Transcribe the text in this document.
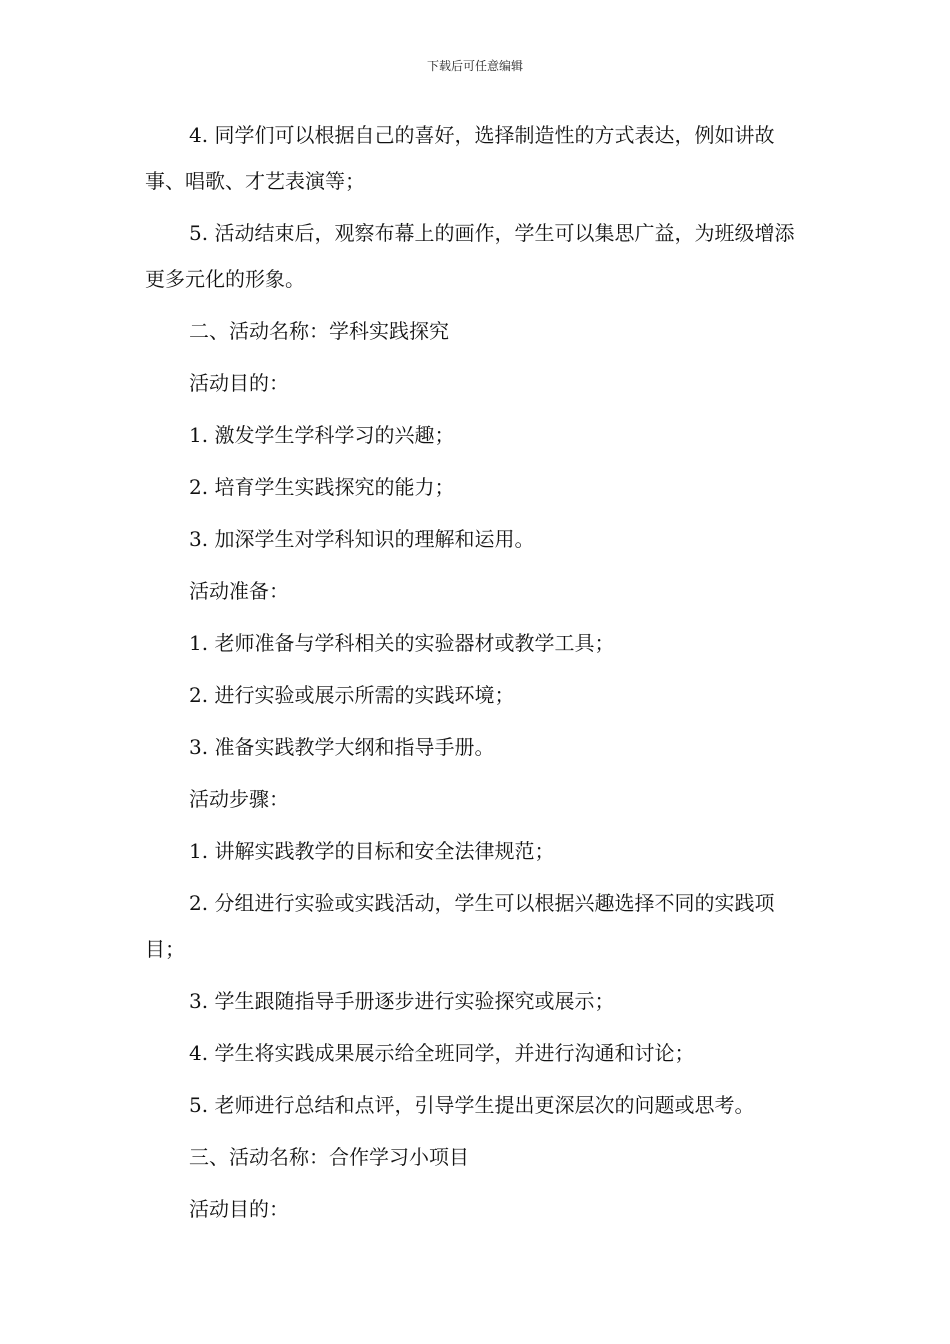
下载后可任意编辑

4. 同学们可以根据自己的喜好，选择制造性的方式表达，例如讲故事、唱歌、才艺表演等；

5. 活动结束后，观察布幕上的画作，学生可以集思广益，为班级增添更多元化的形象。

二、活动名称：学科实践探究

活动目的：

1. 激发学生学科学习的兴趣；

2. 培育学生实践探究的能力；

3. 加深学生对学科知识的理解和运用。

活动准备：

1. 老师准备与学科相关的实验器材或教学工具；

2. 进行实验或展示所需的实践环境；

3. 准备实践教学大纲和指导手册。

活动步骤：

1. 讲解实践教学的目标和安全法律规范；

2. 分组进行实验或实践活动，学生可以根据兴趣选择不同的实践项目；

3. 学生跟随指导手册逐步进行实验探究或展示；

4. 学生将实践成果展示给全班同学，并进行沟通和讨论；

5. 老师进行总结和点评，引导学生提出更深层次的问题或思考。

三、活动名称：合作学习小项目

活动目的：
